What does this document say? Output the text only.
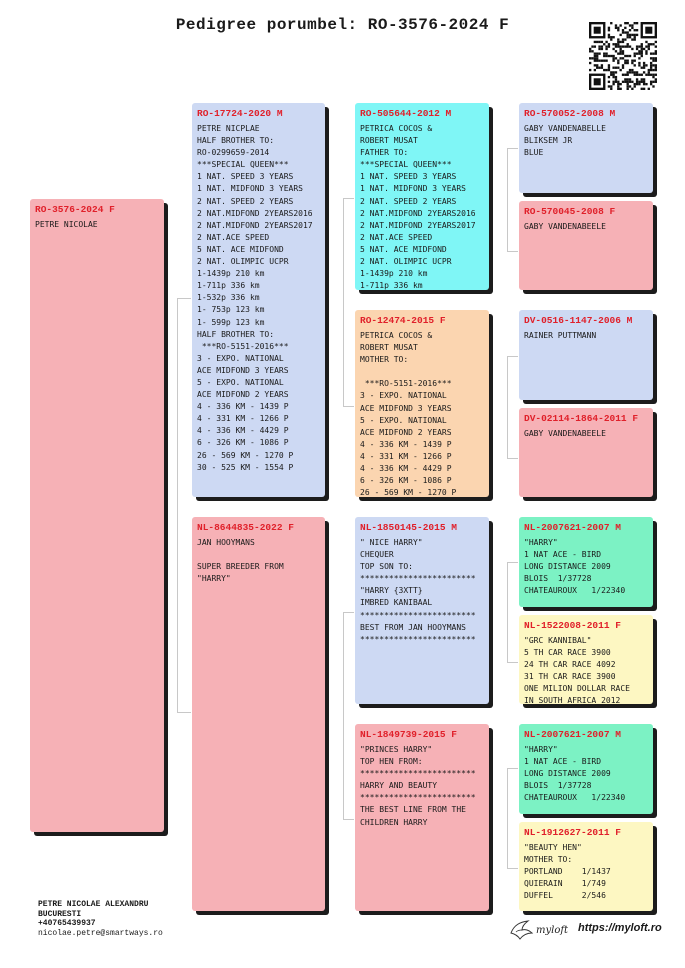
Pedigree porumbel: RO-3576-2024 F
RO-3576-2024 F
PETRE NICOLAE
RO-17724-2020 M
PETRE NICPLAE
HALF BROTHER TO:
RO-0299659-2014
***SPECIAL QUEEN***
1 NAT. SPEED 3 YEARS
1 NAT. MIDFOND 3 YEARS
2 NAT. SPEED 2 YEARS
2 NAT.MIDFOND 2YEARS2016
2 NAT.MIDFOND 2YEARS2017
2 NAT.ACE SPEED
5 NAT. ACE MIDFOND
2 NAT. OLIMPIC UCPR
1-1439p 210 km
1-711p 336 km
1-532p 336 km
1- 753p 123 km
1- 599p 123 km
HALF BROTHER TO:
***RO-5151-2016***
3 - EXPO. NATIONAL
ACE MIDFOND 3 YEARS
5 - EXPO. NATIONAL
ACE MIDFOND 2 YEARS
4 - 336 KM - 1439 P
4 - 331 KM - 1266 P
4 - 336 KM - 4429 P
6 - 326 KM - 1086 P
26 - 569 KM - 1270 P
30 - 525 KM - 1554 P
NL-8644835-2022 F
JAN HOOYMANS

SUPER BREEDER FROM
"HARRY"
RO-505644-2012 M
PETRICA COCOS &
ROBERT MUSAT
FATHER TO:
***SPECIAL QUEEN***
1 NAT. SPEED 3 YEARS
1 NAT. MIDFOND 3 YEARS
2 NAT. SPEED 2 YEARS
2 NAT.MIDFOND 2YEARS2016
2 NAT.MIDFOND 2YEARS2017
2 NAT.ACE SPEED
5 NAT. ACE MIDFOND
2 NAT. OLIMPIC UCPR
1-1439p 210 km
1-711p 336 km
RO-12474-2015 F
PETRICA COCOS &
ROBERT MUSAT
MOTHER TO:

***RO-5151-2016***
3 - EXPO. NATIONAL
ACE MIDFOND 3 YEARS
5 - EXPO. NATIONAL
ACE MIDFOND 2 YEARS
4 - 336 KM - 1439 P
4 - 331 KM - 1266 P
4 - 336 KM - 4429 P
6 - 326 KM - 1086 P
26 - 569 KM - 1270 P
NL-1850145-2015 M
" NICE HARRY"
CHEQUER
TOP SON TO:
************************
"HARRY {3XTT}
IMBRED KANIBAAL
************************
BEST FROM JAN HOOYMANS
************************
NL-1849739-2015 F
"PRINCES HARRY"
TOP HEN FROM:
************************
HARRY AND BEAUTY
************************
THE BEST LINE FROM THE
CHILDREN HARRY
RO-570052-2008 M
GABY VANDENABELLE
BLIKSEM JR
BLUE
RO-570045-2008 F
GABY VANDENABEELE
DV-0516-1147-2006 M
RAINER PUTTMANN
DV-02114-1864-2011 F
GABY VANDENABEELE
NL-2007621-2007 M
"HARRY"
1 NAT ACE - BIRD
LONG DISTANCE 2009
BLOIS  1/37728
CHATEAUROUX   1/22340
NL-1522008-2011 F
"GRC KANNIBAL"
5 TH CAR RACE 3900
24 TH CAR RACE 4092
31 TH CAR RACE 3900
ONE MILION DOLLAR RACE
IN SOUTH AFRICA 2012
NL-2007621-2007 M
"HARRY"
1 NAT ACE - BIRD
LONG DISTANCE 2009
BLOIS  1/37728
CHATEAUROUX   1/22340
NL-1912627-2011 F
"BEAUTY HEN"
MOTHER TO:
PORTLAND    1/1437
QUIERAIN    1/749
DUFFEL      2/546
PETRE NICOLAE ALEXANDRU
BUCURESTI
+40765439937
nicolae.petre@smartways.ro	myloft https://myloft.ro
